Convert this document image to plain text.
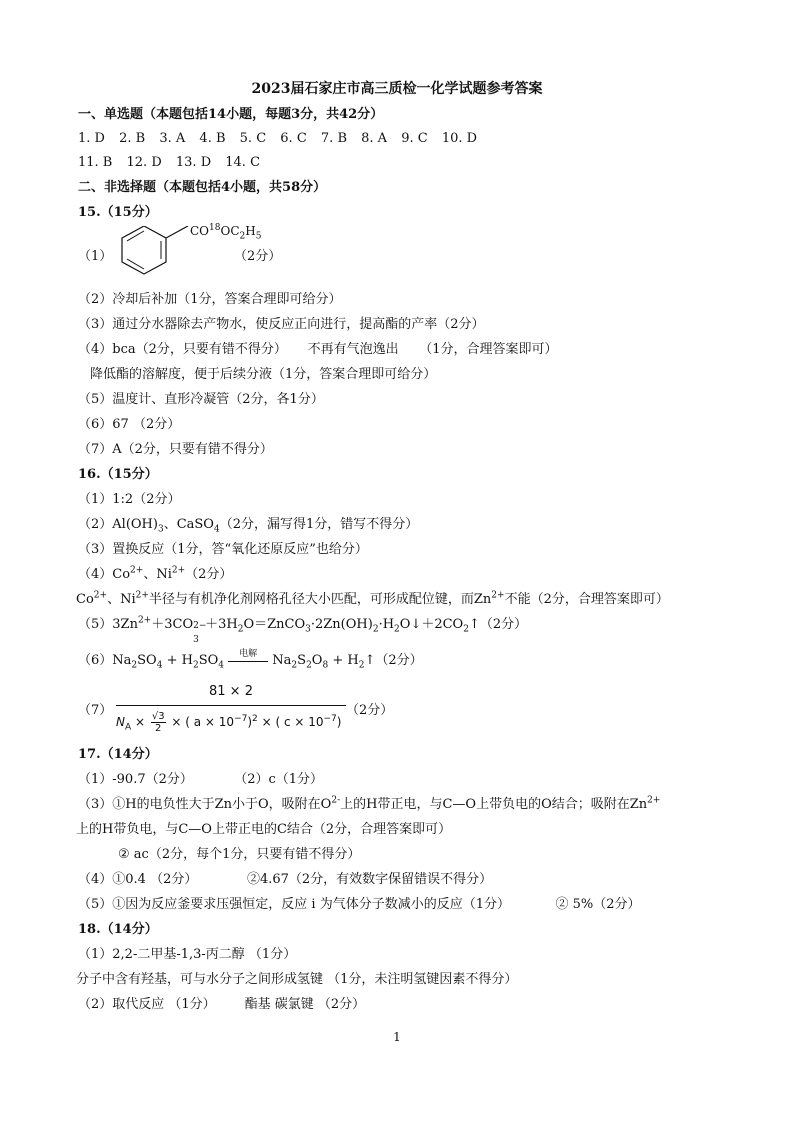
2023届石家庄市高三质检一化学试题参考答案
一、单选题（本题包括14小题，每题3分，共42分）
1. D 2. B 3. A 4. B 5. C 6. C 7. B 8. A 9. C 10. D
11. B 12. D 13. D 14. C
二、非选择题（本题包括4小题，共58分）
15.（15分）
（1）
$CO^{18}OC_2H_5$
（2分）
（2）冷却后补加（1分，答案合理即可给分）
（3）通过分水器除去产物水，使反应正向进行，提高酯的产率（2分）
（4）bca（2分，只要有错不得分） 不再有气泡逸出 （1分，合理答案即可）
降低酯的溶解度，便于后续分液（1分，答案合理即可给分）
（5）温度计、直形冷凝管（2分，各1分）
（6）67 （2分）
（7）A（2分，只要有错不得分）
16.（15分）
（1）1:2（2分）
$(2)Al(OH)_3$、CaSO$_4$（2分，漏写得1分，错写不得分）
（3）置换反应（1分，答“氧化还原反应”也给分）
$(4)Co^{2+}$、$Ni^{2+}(2$分）
$Co^{2+}$、$Ni^{2+}$半径与有机净化剂网格孔径大小匹配，可形成配位键，而$Zn^{2+}$不能（2分，合理答案即可）
$(5)3Zn^{2+}+3CO$ 2−
3
$+3H_2O=ZnCO_3\cdot 2Zn(OH)_2\cdot H_2O↓+2CO_2↑(2$分）
$(6)Na_2SO_4 + H_2SO_4$
电解	$Na_2S_2O_8$ + $H_2↑(2$分）
（7）
81 × 2
$N_A \times \frac{√3}{2}$ × ( $a \times 10^{-7})^2$ × ( $c \times 10^{-7}$)
（2分）
17.（14分）
（1）-90.7（2分）	（2）c（1分）
（3）①H的电负性大于Zn小于O，吸附在$O^{2-}$上的H带正电，与C—O上带负电的O结合；吸附在$Zn^{2+}$
上的H带负电，与C—O上带正电的C结合（2分，合理答案即可）
② ac（2分，每个1分，只要有错不得分）
（4）①0.4 （2分）	②4.67（2分，有效数字保留错误不得分）
（5）①因为反应釜要求压强恒定，反应 i 为气体分子数减小的反应（1分）	② 5%（2分）
18.（14分）
（1）2,2-二甲基-1,3-丙二醇 （1分）
分子中含有羟基，可与水分子之间形成氢键 （1分，未注明氢键因素不得分）
（2）取代反应 （1分） 酯基 碳氯键 （2分）
1
